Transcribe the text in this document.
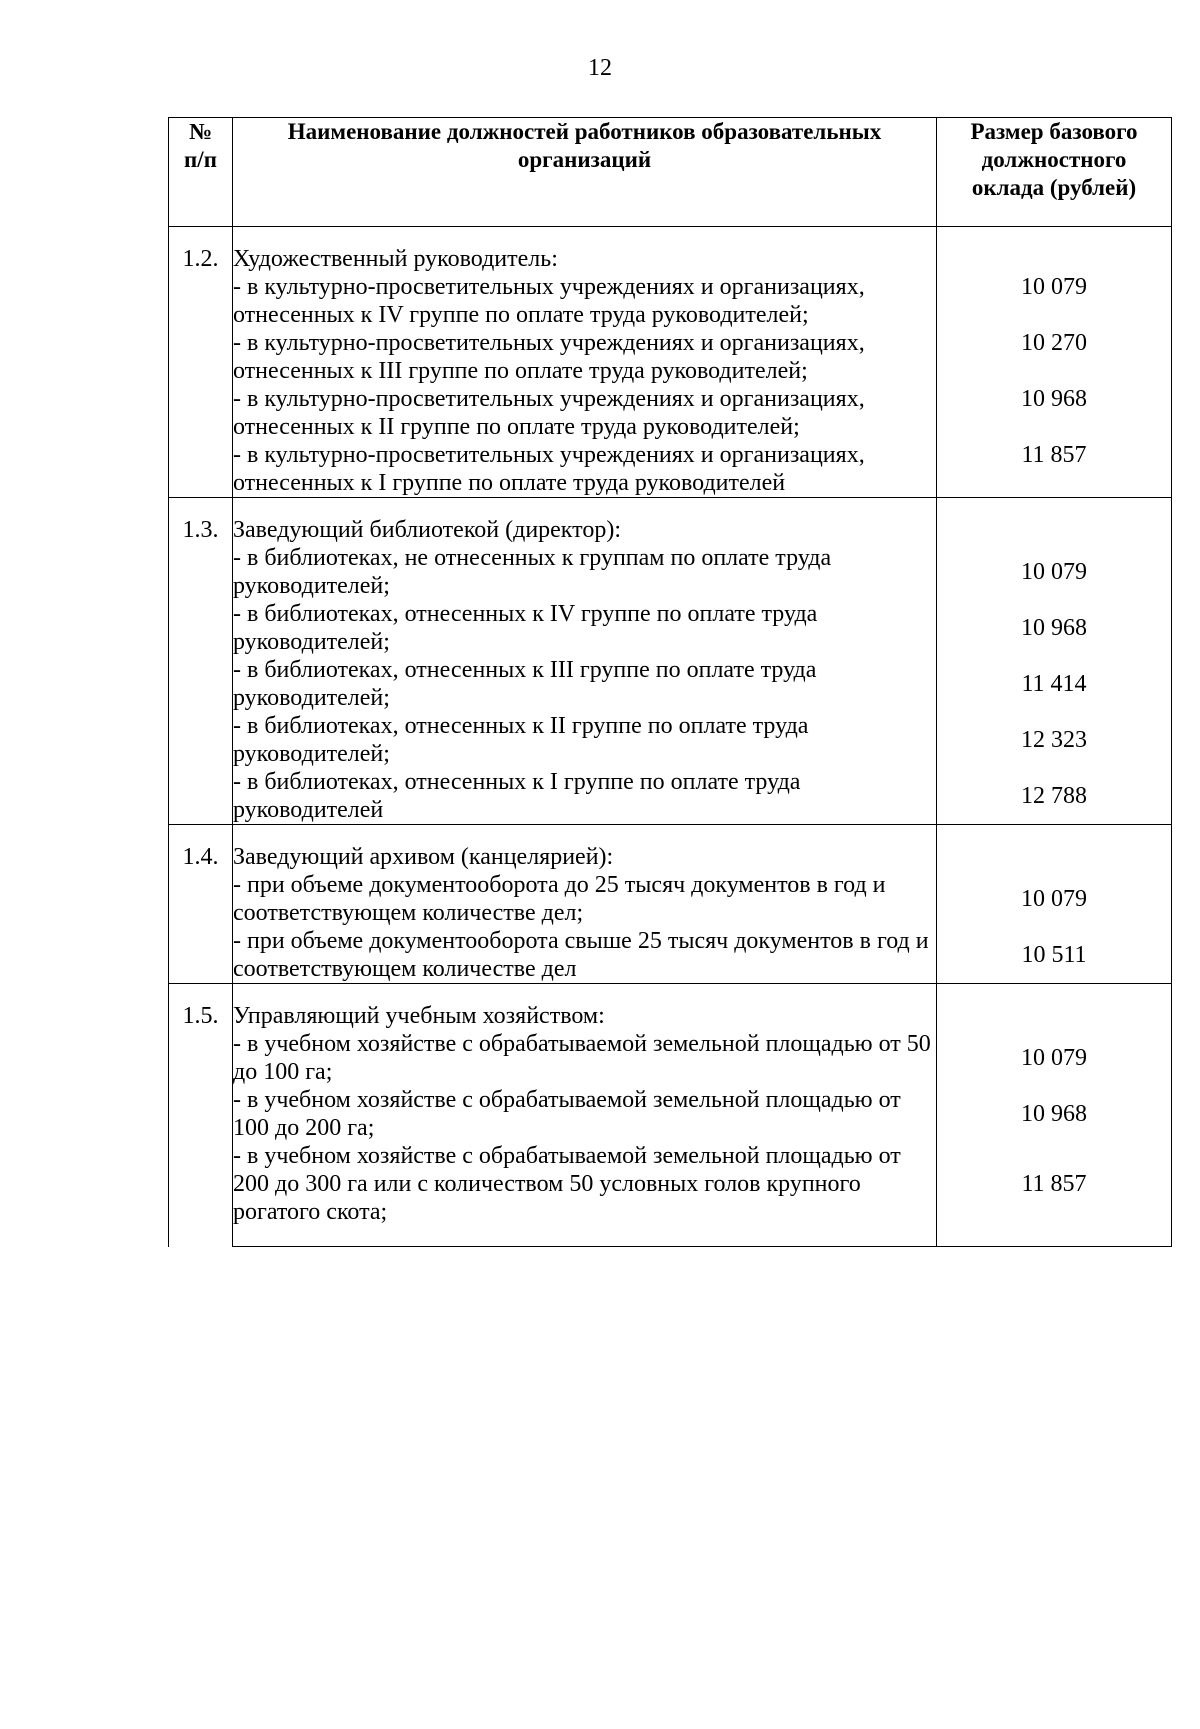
12
№
п/п	Наименование должностей работников образовательных организаций	Размер базового должностного оклада (рублей)
1.2.	Художественный руководитель:	
	- в культурно-просветительных учреждениях и организациях, отнесенных к IV группе по оплате труда руководителей;	10 079
	- в культурно-просветительных учреждениях и организациях, отнесенных к III группе по оплате труда руководителей;	10 270
	- в культурно-просветительных учреждениях и организациях, отнесенных к II группе по оплате труда руководителей;	10 968
	- в культурно-просветительных учреждениях и организациях, отнесенных к I группе по оплате труда руководителей	11 857
1.3.	Заведующий библиотекой (директор):	
	- в библиотеках, не отнесенных к группам по оплате труда руководителей;	10 079
	- в библиотеках, отнесенных к IV группе по оплате труда руководителей;	10 968
	- в библиотеках, отнесенных к III группе по оплате труда руководителей;	11 414
	- в библиотеках, отнесенных к II группе по оплате труда руководителей;	12 323
	- в библиотеках, отнесенных к I группе по оплате труда руководителей	12 788
1.4.	Заведующий архивом (канцелярией):	
	- при объеме документооборота до 25 тысяч документов в год и соответствующем количестве дел;	10 079
	- при объеме документооборота свыше 25 тысяч документов в год и соответствующем количестве дел	10 511
1.5.	Управляющий учебным хозяйством:	
	- в учебном хозяйстве с обрабатываемой земельной площадью от 50 до 100 га;	10 079
	- в учебном хозяйстве с обрабатываемой земельной площадью от 100 до 200 га;	10 968
	- в учебном хозяйстве с обрабатываемой земельной площадью от 200 до 300 га или с количеством 50 условных голов крупного рогатого скота;	11 857
